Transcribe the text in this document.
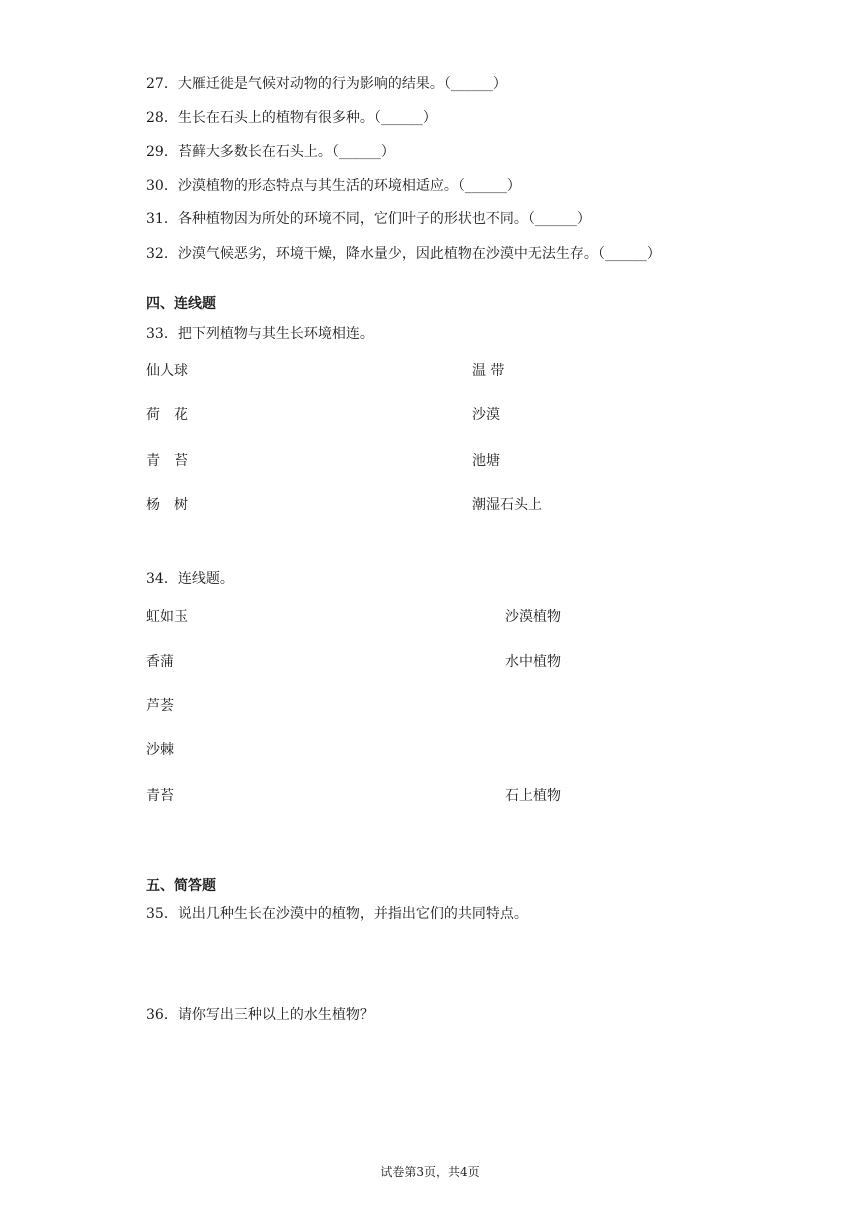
27．大雁迁徙是气候对动物的行为影响的结果。（______）
28．生长在石头上的植物有很多种。（______）
29．苔藓大多数长在石头上。（______）
30．沙漠植物的形态特点与其生活的环境相适应。（______）
31．各种植物因为所处的环境不同，它们叶子的形状也不同。（______）
32．沙漠气候恶劣，环境干燥，降水量少，因此植物在沙漠中无法生存。（______）
四、连线题
33．把下列植物与其生长环境相连。
仙人球
荷　花
青　苔
杨　树
温 带
沙漠
池塘
潮湿石头上
34．连线题。
虹如玉
香蒲
芦荟
沙棘
青苔
沙漠植物
水中植物
石上植物
五、简答题
35．说出几种生长在沙漠中的植物，并指出它们的共同特点。
36．请你写出三种以上的水生植物？
试卷第3页，共4页
